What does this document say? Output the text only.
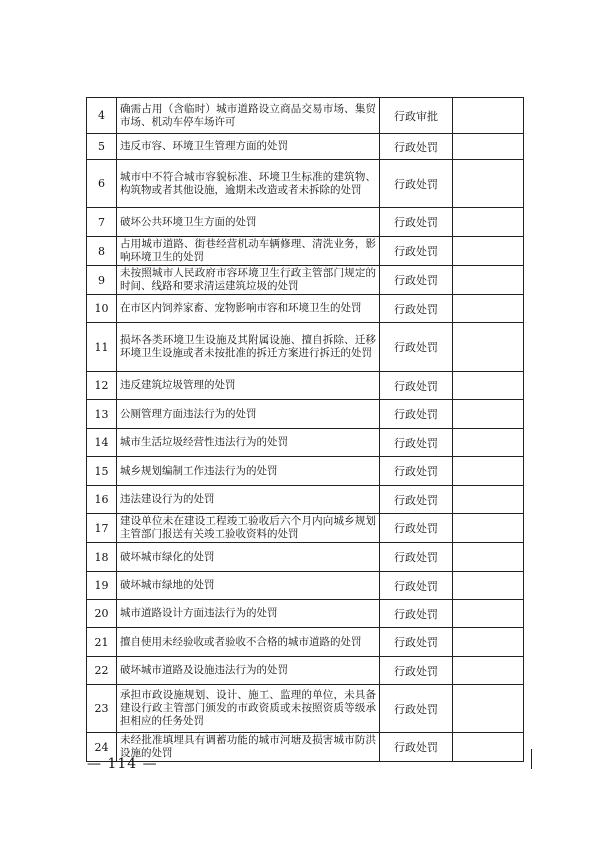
4	确需占用（含临时）城市道路设立商品交易市场、集贸市场、机动车停车场许可	行政审批	
5	违反市容、环境卫生管理方面的处罚	行政处罚	
6	城市中不符合城市容貌标准、环境卫生标准的建筑物、构筑物或者其他设施，逾期未改造或者未拆除的处罚	行政处罚	
7	破坏公共环境卫生方面的处罚	行政处罚	
8	占用城市道路、街巷经营机动车辆修理、清洗业务，影响环境卫生的处罚	行政处罚	
9	未按照城市人民政府市容环境卫生行政主管部门规定的时间、线路和要求清运建筑垃圾的处罚	行政处罚	
10	在市区内饲养家畜、宠物影响市容和环境卫生的处罚	行政处罚	
11	损坏各类环境卫生设施及其附属设施、擅自拆除、迁移环境卫生设施或者未按批准的拆迁方案进行拆迁的处罚	行政处罚	
12	违反建筑垃圾管理的处罚	行政处罚	
13	公厕管理方面违法行为的处罚	行政处罚	
14	城市生活垃圾经营性违法行为的处罚	行政处罚	
15	城乡规划编制工作违法行为的处罚	行政处罚	
16	违法建设行为的处罚	行政处罚	
17	建设单位未在建设工程竣工验收后六个月内向城乡规划主管部门报送有关竣工验收资料的处罚	行政处罚	
18	破坏城市绿化的处罚	行政处罚	
19	破坏城市绿地的处罚	行政处罚	
20	城市道路设计方面违法行为的处罚	行政处罚	
21	擅自使用未经验收或者验收不合格的城市道路的处罚	行政处罚	
22	破坏城市道路及设施违法行为的处罚	行政处罚	
23	承担市政设施规划、设计、施工、监理的单位，未具备建设行政主管部门颁发的市政资质或未按照资质等级承担相应的任务处罚	行政处罚	
24	未经批准填埋具有调蓄功能的城市河塘及损害城市防洪设施的处罚	行政处罚	
— 114 —
